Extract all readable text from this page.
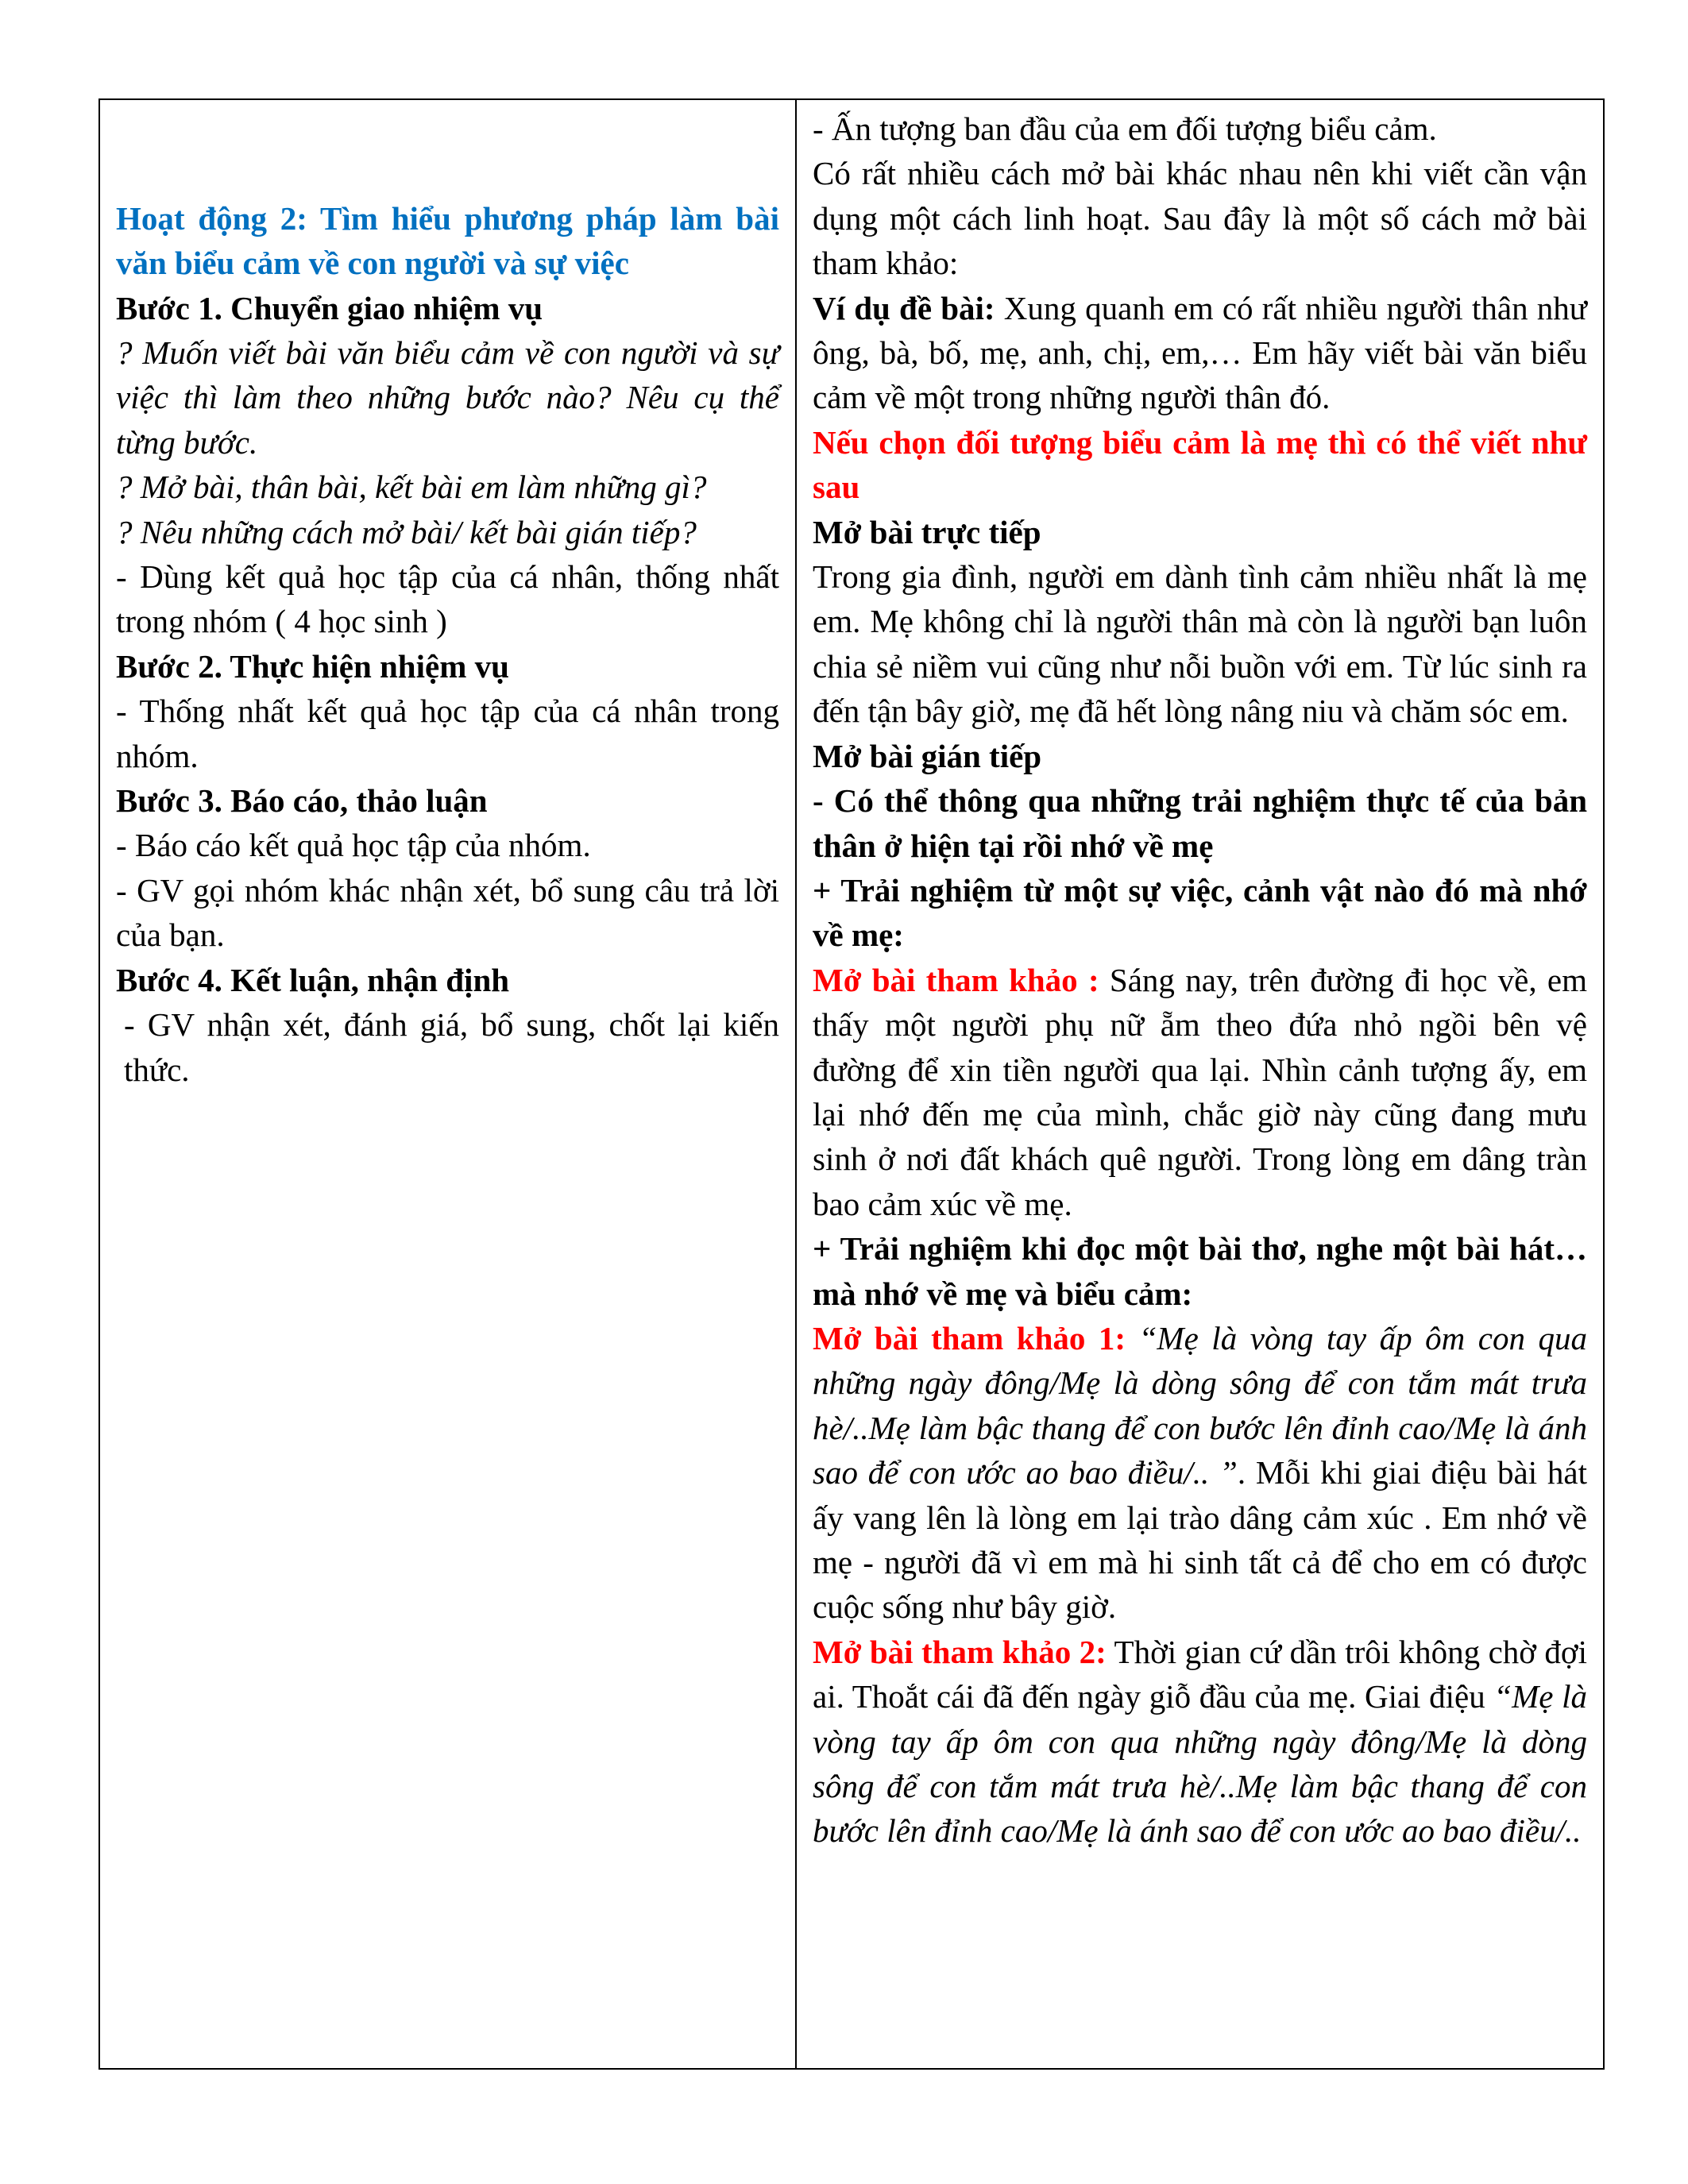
Hoạt động 2: Tìm hiểu phương pháp làm bài văn biểu cảm về con người và sự việc

Bước 1. Chuyển giao nhiệm vụ

? Muốn viết bài văn biểu cảm về con người và sự việc thì làm theo những bước nào? Nêu cụ thể từng bước.

? Mở bài, thân bài, kết bài em làm những gì?

? Nêu những cách mở bài/ kết bài gián tiếp?

- Dùng kết quả học tập của cá nhân, thống nhất trong nhóm ( 4 học sinh )

Bước 2. Thực hiện nhiệm vụ

- Thống nhất kết quả học tập của cá nhân trong nhóm.

Bước 3. Báo cáo, thảo luận

- Báo cáo kết quả học tập của nhóm.

- GV gọi nhóm khác nhận xét, bổ sung câu trả lời của bạn.

Bước 4. Kết luận, nhận định

- GV nhận xét, đánh giá, bổ sung, chốt lại kiến thức.

- Ấn tượng ban đầu của em đối tượng biểu cảm.

Có rất nhiều cách mở bài khác nhau nên khi viết cần vận dụng một cách linh hoạt. Sau đây là một số cách mở bài tham khảo:

Ví dụ đề bài: Xung quanh em có rất nhiều người thân như ông, bà, bố, mẹ, anh, chị, em,… Em hãy viết bài văn biểu cảm về một trong những người thân đó.

Nếu chọn đối tượng biểu cảm là mẹ thì có thể viết như sau

Mở bài trực tiếp

Trong gia đình, người em dành tình cảm nhiều nhất là mẹ em. Mẹ không chỉ là người thân mà còn là người bạn luôn chia sẻ niềm vui cũng như nỗi buồn với em. Từ lúc sinh ra đến tận bây giờ, mẹ đã hết lòng nâng niu và chăm sóc em.

Mở bài gián tiếp

- Có thể thông qua những trải nghiệm thực tế của bản thân ở hiện tại rồi nhớ về mẹ

+ Trải nghiệm từ một sự việc, cảnh vật nào đó mà nhớ về mẹ:

Mở bài tham khảo : Sáng nay, trên đường đi học về, em thấy một người phụ nữ ẵm theo đứa nhỏ ngồi bên vệ đường để xin tiền người qua lại. Nhìn cảnh tượng ấy, em lại nhớ đến mẹ của mình, chắc giờ này cũng đang mưu sinh ở nơi đất khách quê người. Trong lòng em dâng tràn bao cảm xúc về mẹ.

+ Trải nghiệm khi đọc một bài thơ, nghe một bài hát… mà nhớ về mẹ và biểu cảm:

Mở bài tham khảo 1: “Mẹ là vòng tay ấp ôm con qua những ngày đông/Mẹ là dòng sông để con tắm mát trưa hè/..Mẹ làm bậc thang để con bước lên đỉnh cao/Mẹ là ánh sao để con ước ao bao điều/.. ”. Mỗi khi giai điệu bài hát ấy vang lên là lòng em lại trào dâng cảm xúc . Em nhớ về mẹ - người đã vì em mà hi sinh tất cả để cho em có được cuộc sống như bây giờ.

Mở bài tham khảo 2: Thời gian cứ dần trôi không chờ đợi ai. Thoắt cái đã đến ngày giỗ đầu của mẹ. Giai điệu “Mẹ là vòng tay ấp ôm con qua những ngày đông/Mẹ là dòng sông để con tắm mát trưa hè/..Mẹ làm bậc thang để con bước lên đỉnh cao/Mẹ là ánh sao để con ước ao bao điều/..
